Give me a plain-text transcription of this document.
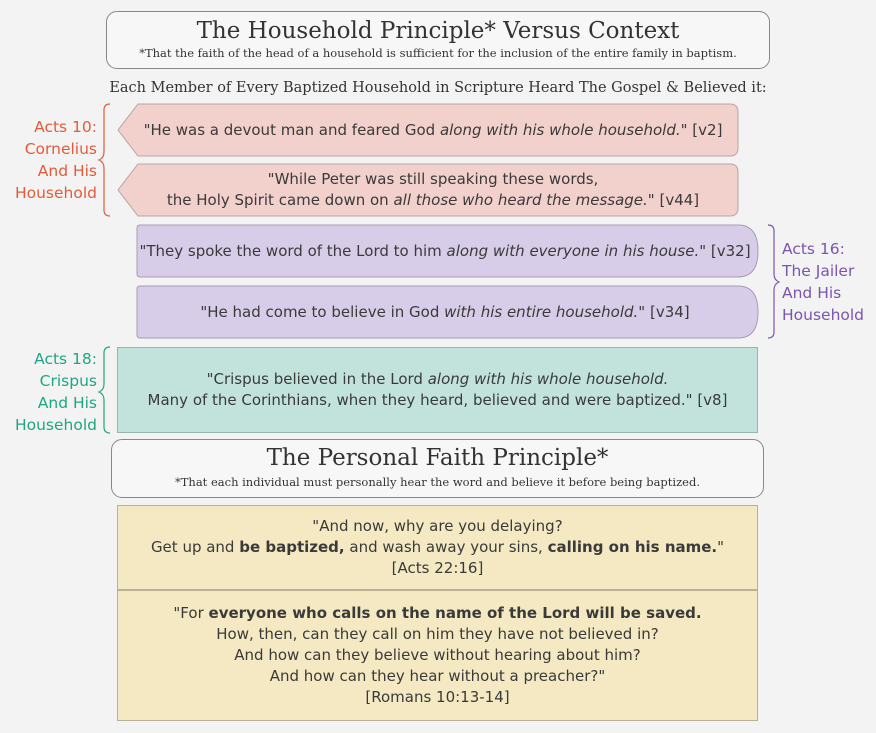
The Household Principle* Versus Context
*That the faith of the head of a household is sufficient for the inclusion of the entire family in baptism.
Each Member of Every Baptized Household in Scripture Heard The Gospel & Believed it:
Acts 10:
Cornelius
And His
Household
"He was a devout man and feared God along with his whole household." [v2]
"While Peter was still speaking these words,
the Holy Spirit came down on all those who heard the message." [v44]
"They spoke the word of the Lord to him along with everyone in his house." [v32]
"He had come to believe in God with his entire household." [v34]
Acts 16:
The Jailer
And His
Household
Acts 18:
Crispus
And His
Household
"Crispus believed in the Lord along with his whole household.
Many of the Corinthians, when they heard, believed and were baptized." [v8]
The Personal Faith Principle*
*That each individual must personally hear the word and believe it before being baptized.
"And now, why are you delaying?
Get up and be baptized, and wash away your sins, calling on his name."
[Acts 22:16]
"For everyone who calls on the name of the Lord will be saved.
How, then, can they call on him they have not believed in?
And how can they believe without hearing about him?
And how can they hear without a preacher?"
[Romans 10:13-14]
